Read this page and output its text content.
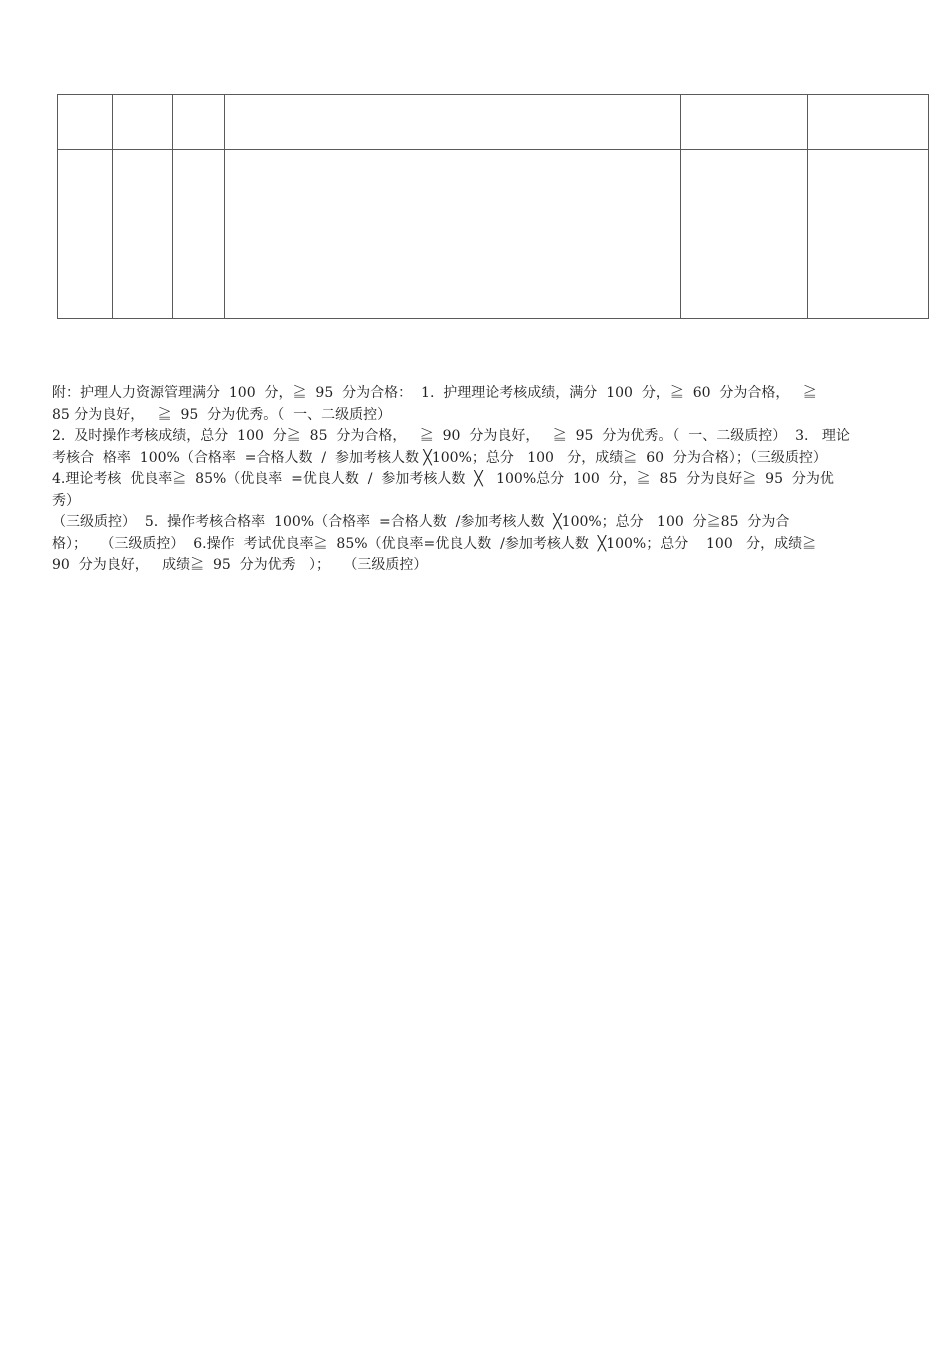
附：护理人力资源管理满分  100  分，≧  95  分为合格：  1.  护理理论考核成绩，满分  100  分，≧  60  分为合格，   ≧
85 分为良好，   ≧  95  分为优秀。（  一、二级质控）
2.  及时操作考核成绩，总分  100  分≧  85  分为合格，   ≧  90  分为良好，   ≧  95  分为优秀。（  一、二级质控）  3.   理论
考核合  格率  100%（合格率  =合格人数  /  参加考核人数 ╳100%；总分   100   分，成绩≧  60  分为合格）；（三级质控）
4.理论考核  优良率≧  85%（优良率  =优良人数  /  参加考核人数  ╳   100%总分  100  分，≧  85  分为良好≧  95  分为优
秀）
（三级质控）  5.  操作考核合格率  100%（合格率  =合格人数  /参加考核人数  ╳100%；总分   100  分≧85  分为合
格）；   （三级质控）  6.操作  考试优良率≧  85%（优良率=优良人数  /参加考核人数  ╳100%；总分    100   分，成绩≧
90  分为良好，   成绩≧  95  分为优秀   ）；   （三级质控）
